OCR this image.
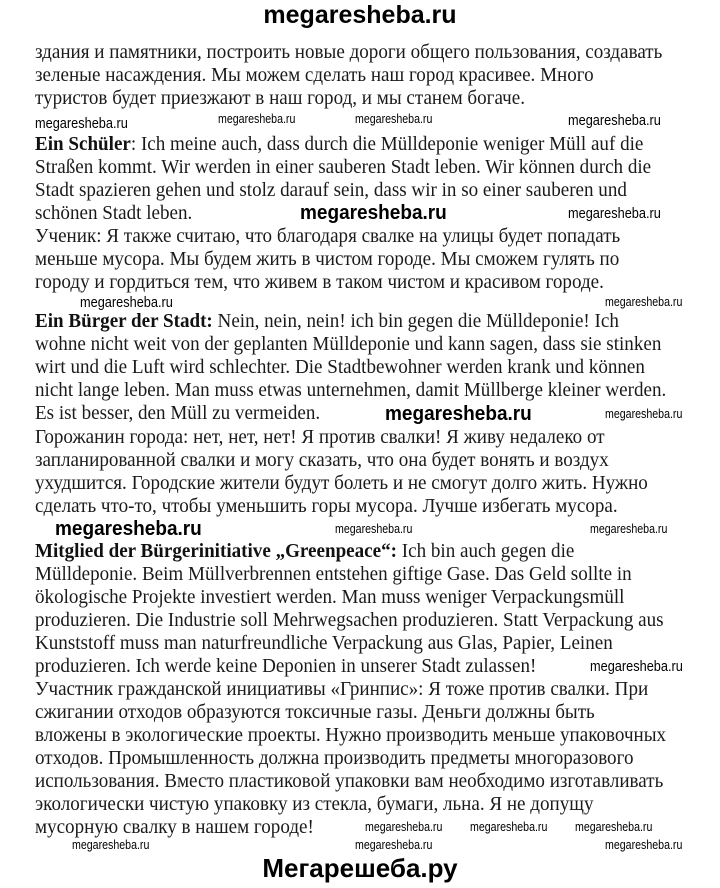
megaresheba.ru
здания и памятники, построить новые дороги общего пользования, создавать
зеленые насаждения. Мы можем сделать наш город красивее. Много
туристов будет приезжают в наш город, и мы станем богаче.
Ein Schüler: Ich meine auch, dass durch die Mülldeponie weniger Müll auf die
Straßen kommt. Wir werden in einer sauberen Stadt leben. Wir können durch die
Stadt spazieren gehen und stolz darauf sein, dass wir in so einer sauberen und
schönen Stadt leben.
Ученик: Я также считаю, что благодаря свалке на улицы будет попадать
меньше мусора. Мы будем жить в чистом городе. Мы сможем гулять по
городу и гордиться тем, что живем в таком чистом и красивом городе.
Ein Bürger der Stadt: Nein, nein, nein! ich bin gegen die Mülldeponie! Ich
wohne nicht weit von der geplanten Mülldeponie und kann sagen, dass sie stinken
wirt und die Luft wird schlechter. Die Stadtbewohner werden krank und können
nicht lange leben. Man muss etwas unternehmen, damit Müllberge kleiner werden.
Es ist besser, den Müll zu vermeiden.
Горожанин города: нет, нет, нет! Я против свалки! Я живу недалеко от
запланированной свалки и могу сказать, что она будет вонять и воздух
ухудшится. Городские жители будут болеть и не смогут долго жить. Нужно
сделать что-то, чтобы уменьшить горы мусора. Лучше избегать мусора.
Mitglied der Bürgerinitiative „Greenpeace“: Ich bin auch gegen die
Mülldeponie. Beim Müllverbrennen entstehen giftige Gase. Das Geld sollte in
ökologische Projekte investiert werden. Man muss weniger Verpackungsmüll
produzieren. Die Industrie soll Mehrwegsachen produzieren. Statt Verpackung aus
Kunststoff muss man naturfreundliche Verpackung aus Glas, Papier, Leinen
produzieren. Ich werde keine Deponien in unserer Stadt zulassen!
Участник гражданской инициативы «Гринпис»: Я тоже против свалки. При
сжигании отходов образуются токсичные газы. Деньги должны быть
вложены в экологические проекты. Нужно производить меньше упаковочных
отходов. Промышленность должна производить предметы многоразового
использования. Вместо пластиковой упаковки вам необходимо изготавливать
экологически чистую упаковку из стекла, бумаги, льна. Я не допущу
мусорную свалку в нашем городе!
megaresheba.ru	megaresheba.ru
megaresheba.ru	megaresheba.ru
megaresheba.ru
megaresheba.ru
megaresheba.ru
megaresheba.ru
megaresheba.ru
megaresheba.ru
megaresheba.ru	megaresheba.ru	megaresheba.ru
megaresheba.ru
megaresheba.ru	megaresheba.ru	megaresheba.ru
megaresheba.ru megaresheba.ru megaresheba.ru
Мегарешеба.ру
